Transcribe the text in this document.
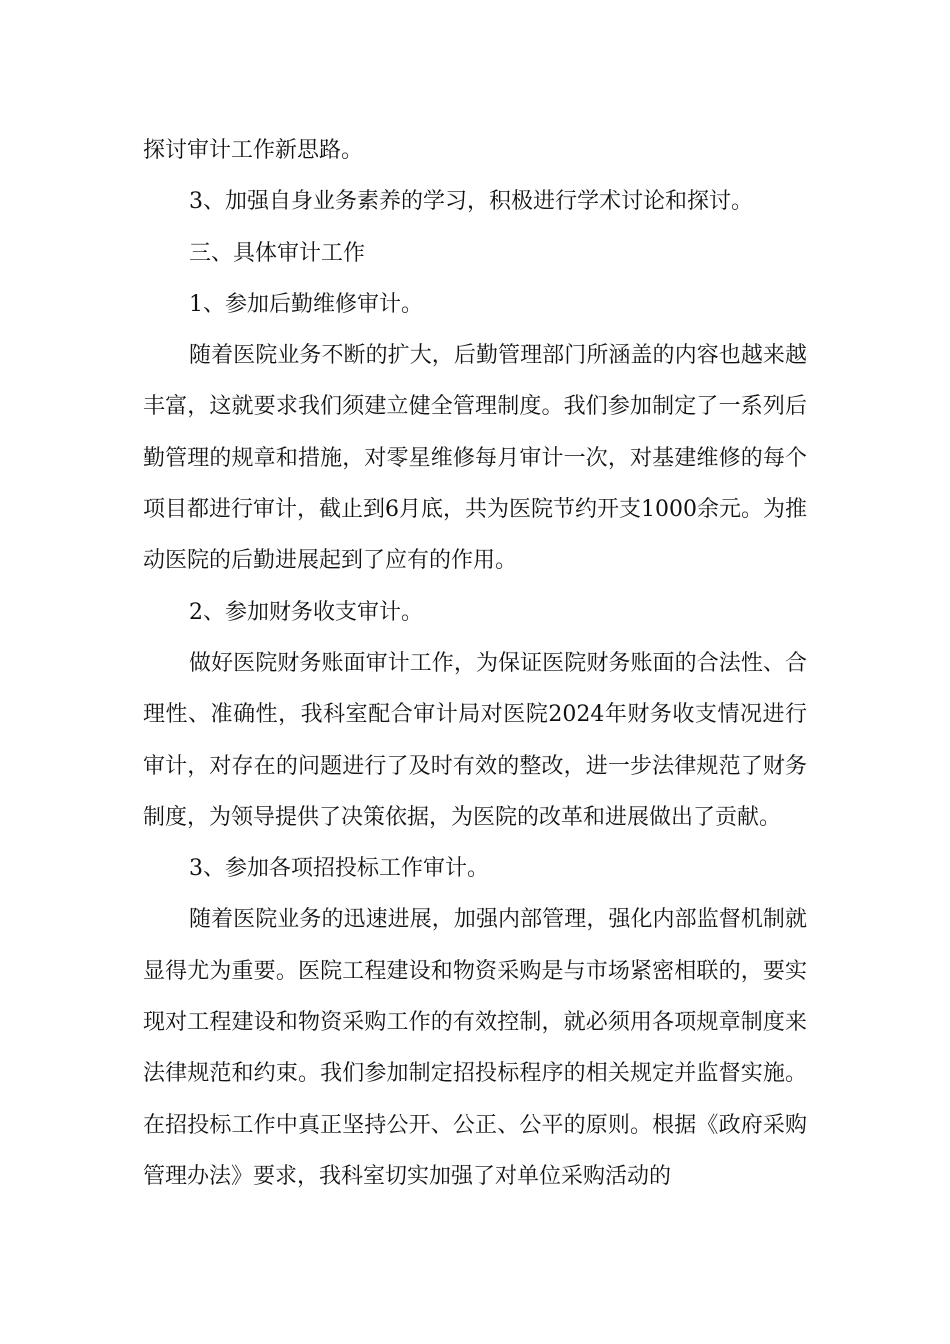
探讨审计工作新思路。

3、加强自身业务素养的学习，积极进行学术讨论和探讨。

三、具体审计工作

1、参加后勤维修审计。

随着医院业务不断的扩大，后勤管理部门所涵盖的内容也越来越丰富，这就要求我们须建立健全管理制度。我们参加制定了一系列后勤管理的规章和措施，对零星维修每月审计一次，对基建维修的每个项目都进行审计，截止到6月底，共为医院节约开支1000余元。为推动医院的后勤进展起到了应有的作用。

2、参加财务收支审计。

做好医院财务账面审计工作，为保证医院财务账面的合法性、合理性、准确性，我科室配合审计局对医院2024年财务收支情况进行审计，对存在的问题进行了及时有效的整改，进一步法律规范了财务制度，为领导提供了决策依据，为医院的改革和进展做出了贡献。

3、参加各项招投标工作审计。

随着医院业务的迅速进展，加强内部管理，强化内部监督机制就显得尤为重要。医院工程建设和物资采购是与市场紧密相联的，要实现对工程建设和物资采购工作的有效控制，就必须用各项规章制度来法律规范和约束。我们参加制定招投标程序的相关规定并监督实施。在招投标工作中真正坚持公开、公正、公平的原则。根据《政府采购管理办法》要求，我科室切实加强了对单位采购活动的
